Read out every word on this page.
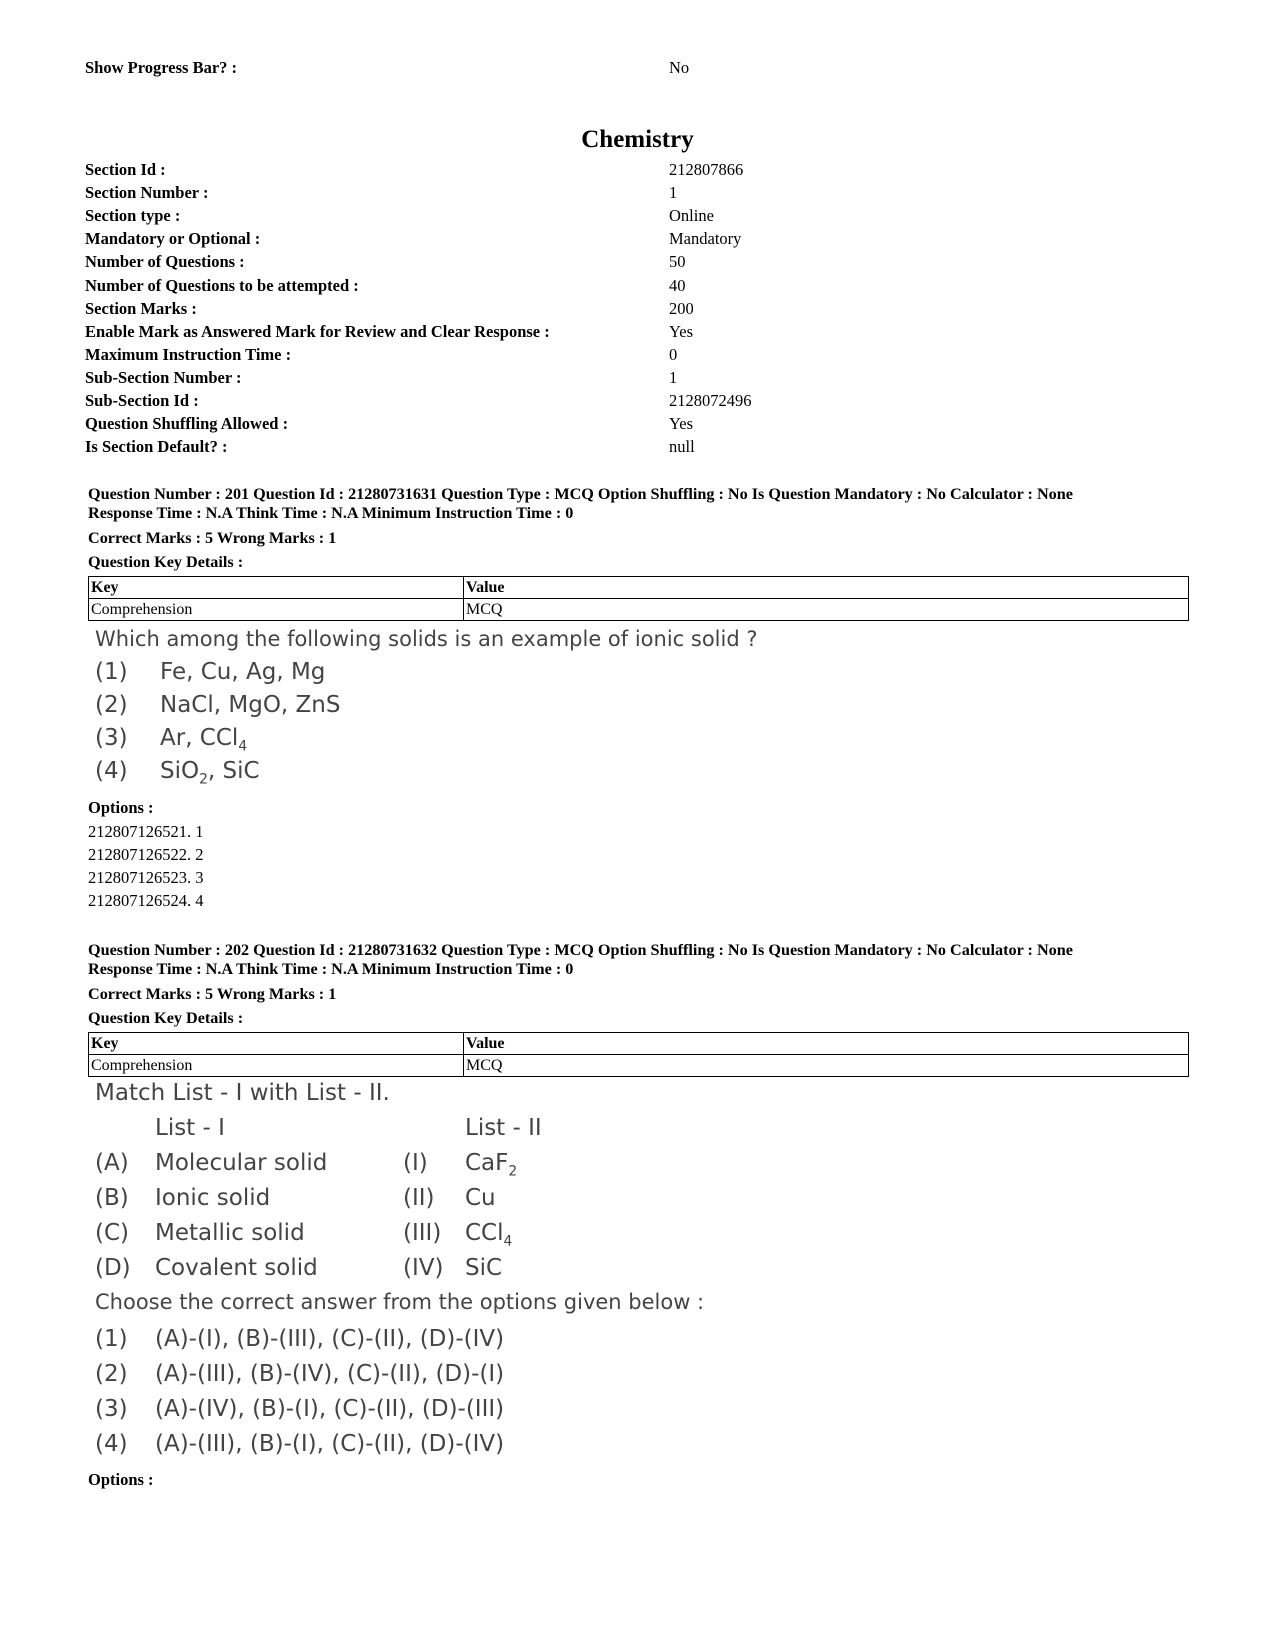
Show Progress Bar? :	No
Chemistry
Section Id :	212807866
Section Number :	1
Section type :	Online
Mandatory or Optional :	Mandatory
Number of Questions :	50
Number of Questions to be attempted :	40
Section Marks :	200
Enable Mark as Answered Mark for Review and Clear Response :	Yes
Maximum Instruction Time :	0
Sub-Section Number :	1
Sub-Section Id :	2128072496
Question Shuffling Allowed :	Yes
Is Section Default? :	null
Question Number : 201 Question Id : 21280731631 Question Type : MCQ Option Shuffling : No Is Question Mandatory : No Calculator : None
Response Time : N.A Think Time : N.A Minimum Instruction Time : 0
Correct Marks : 5 Wrong Marks : 1
Question Key Details :
Key	Value
Comprehension	MCQ
Which among the following solids is an example of ionic solid ?
(1) Fe, Cu, Ag, Mg
(2) NaCl, MgO, ZnS
(3) Ar, CCl$_4$
(4) SiO$_2$, SiC
Options :
212807126521. 1
212807126522. 2
212807126523. 3
212807126524. 4
Question Number : 202 Question Id : 21280731632 Question Type : MCQ Option Shuffling : No Is Question Mandatory : No Calculator : None
Response Time : N.A Think Time : N.A Minimum Instruction Time : 0
Correct Marks : 5 Wrong Marks : 1
Question Key Details :
Key	Value
Comprehension	MCQ
Match List - I with List - II.
List - I	List - II
(A) Molecular solid	(I) CaF$_2$
(B) Ionic solid	(II) Cu
(C) Metallic solid	(III) CCl$_4$
(D) Covalent solid	(IV) SiC
Choose the correct answer from the options given below :
(1) (A)-(I), (B)-(III), (C)-(II), (D)-(IV)
(2) (A)-(III), (B)-(IV), (C)-(II), (D)-(I)
(3) (A)-(IV), (B)-(I), (C)-(II), (D)-(III)
(4) (A)-(III), (B)-(I), (C)-(II), (D)-(IV)
Options :
